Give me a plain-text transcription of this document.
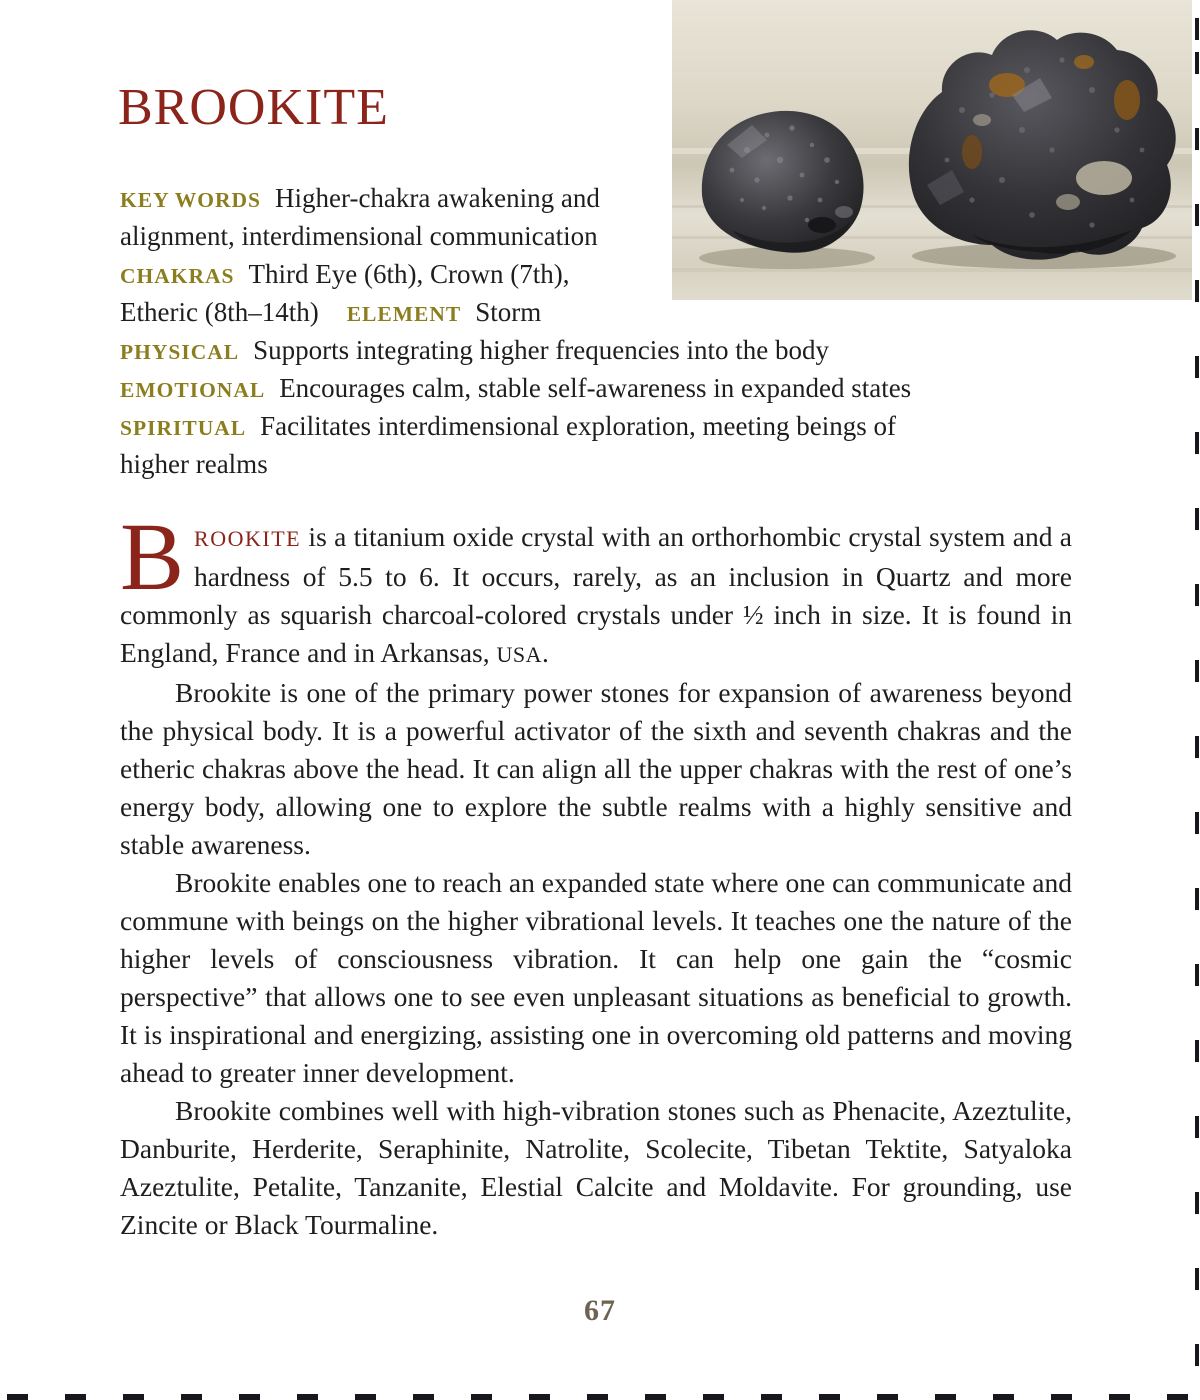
BROOKITE
KEY WORDS Higher-chakra awakening and
alignment, interdimensional communication
CHAKRAS Third Eye (6th), Crown (7th),
Etheric (8th–14th) ELEMENT Storm
PHYSICAL Supports integrating higher frequencies into the body
EMOTIONAL Encourages calm, stable self-awareness in expanded states
SPIRITUAL Facilitates interdimensional exploration, meeting beings of
higher realms

BROOKITE is a titanium oxide crystal with an orthorhombic crystal system and a hardness of 5.5 to 6. It occurs, rarely, as an inclusion in Quartz and more commonly as squarish charcoal-colored crystals under ½ inch in size. It is found in England, France and in Arkansas, USA.

Brookite is one of the primary power stones for expansion of awareness beyond the physical body. It is a powerful activator of the sixth and seventh chakras and the etheric chakras above the head. It can align all the upper chakras with the rest of one’s energy body, allowing one to explore the subtle realms with a highly sensitive and stable awareness.

Brookite enables one to reach an expanded state where one can communicate and commune with beings on the higher vibrational levels. It teaches one the nature of the higher levels of consciousness vibration. It can help one gain the “cosmic perspective” that allows one to see even unpleasant situations as beneficial to growth. It is inspirational and energizing, assisting one in overcoming old patterns and moving ahead to greater inner development.

Brookite combines well with high-vibration stones such as Phenacite, Azeztulite, Danburite, Herderite, Seraphinite, Natrolite, Scolecite, Tibetan Tektite, Satyaloka Azeztulite, Petalite, Tanzanite, Elestial Calcite and Moldavite. For grounding, use Zincite or Black Tourmaline.

67
